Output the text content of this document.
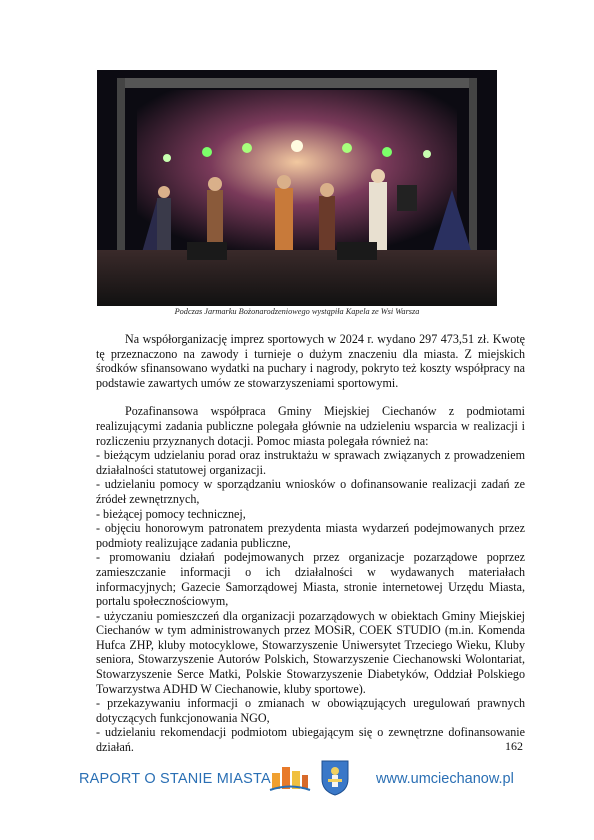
Podczas Jarmarku Bożonarodzeniowego wystąpiła Kapela ze Wsi Warsza

Na współorganizację imprez sportowych w 2024 r. wydano 297 473,51 zł. Kwotę tę przeznaczono na zawody i turnieje o dużym znaczeniu dla miasta. Z miejskich środków sfinansowano wydatki na puchary i nagrody, pokryto też koszty współpracy na podstawie zawartych umów ze stowarzyszeniami sportowymi.

Pozafinansowa współpraca Gminy Miejskiej Ciechanów z podmiotami realizującymi zadania publiczne polegała głównie na udzieleniu wsparcia w realizacji i rozliczeniu przyznanych dotacji. Pomoc miasta polegała również na:

- bieżącym udzielaniu porad oraz instruktażu w sprawach związanych z prowadzeniem działalności statutowej organizacji.

- udzielaniu pomocy w sporządzaniu wniosków o dofinansowanie realizacji zadań ze źródeł zewnętrznych,

- bieżącej pomocy technicznej,

- objęciu honorowym patronatem prezydenta miasta wydarzeń podejmowanych przez podmioty realizujące zadania publiczne,

- promowaniu działań podejmowanych przez organizacje pozarządowe poprzez zamieszczanie informacji o ich działalności w wydawanych materiałach informacyjnych; Gazecie Samorządowej Miasta, stronie internetowej Urzędu Miasta, portalu społecznościowym,

- użyczaniu pomieszczeń dla organizacji pozarządowych w obiektach Gminy Miejskiej Ciechanów w tym administrowanych przez MOSiR, COEK STUDIO (m.in. Komenda Hufca ZHP, kluby motocyklowe, Stowarzyszenie Uniwersytet Trzeciego Wieku, Kluby seniora, Stowarzyszenie Autorów Polskich, Stowarzyszenie Ciechanowski Wolontariat, Stowarzyszenie Serce Matki, Polskie Stowarzyszenie Diabetyków, Oddział Polskiego Towarzystwa ADHD W Ciechanowie, kluby sportowe).

- przekazywaniu informacji o zmianach w obowiązujących uregulowań prawnych dotyczących funkcjonowania NGO,

- udzielaniu rekomendacji podmiotom ubiegającym się o zewnętrzne dofinansowanie działań.	162
RAPORT O STANIE MIASTA	www.umciechanow.pl
